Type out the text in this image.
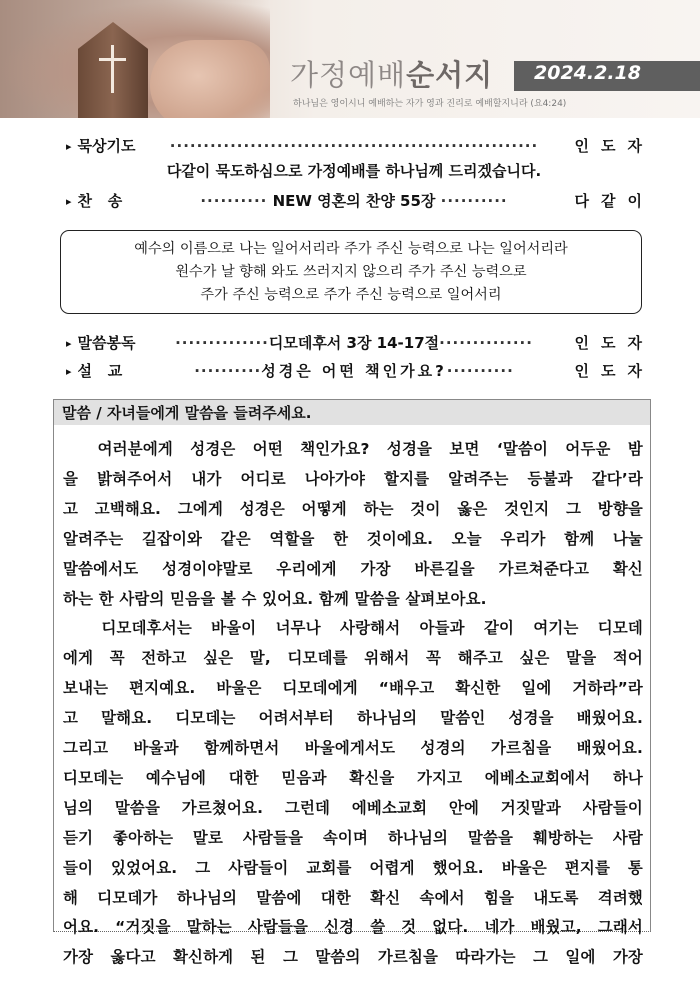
가정예배순서지 2024.2.18
하나님은 영이시니 예배하는 자가 영과 진리로 예배할지니라 (요4:24)
▸ 묵상기도	·······················································	인도자
다같이 묵도하심으로 가정예배를 하나님께 드리겠습니다.
▸ 찬   송	·········· NEW 영혼의 찬양 55장 ··········	다같이
예수의 이름으로 나는 일어서리라 주가 주신 능력으로 나는 일어서리라
원수가 날 향해 와도 쓰러지지 않으리 주가 주신 능력으로
주가 주신 능력으로 주가 주신 능력으로 일어서리
▸ 말씀봉독	··············디모데후서 3장 14-17절··············	인도자
▸ 설   교	··········성경은 어떤 책인가요?··········	인도자
말씀 / 자녀들에게 말씀을 들려주세요.
여러분에게 성경은 어떤 책인가요? 성경을 보면 ‘말씀이 어두운 밤
을 밝혀주어서 내가 어디로 나아가야 할지를 알려주는 등불과 같다’라
고 고백해요. 그에게 성경은 어떻게 하는 것이 옳은 것인지 그 방향을
알려주는 길잡이와 같은 역할을 한 것이에요. 오늘 우리가 함께 나눌
말씀에서도 성경이야말로 우리에게 가장 바른길을 가르쳐준다고 확신
하는 한 사람의 믿음을 볼 수 있어요. 함께 말씀을 살펴보아요.
디모데후서는 바울이 너무나 사랑해서 아들과 같이 여기는 디모데
에게 꼭 전하고 싶은 말, 디모데를 위해서 꼭 해주고 싶은 말을 적어
보내는 편지예요. 바울은 디모데에게 “배우고 확신한 일에 거하라”라
고 말해요. 디모데는 어려서부터 하나님의 말씀인 성경을 배웠어요.
그리고 바울과 함께하면서 바울에게서도 성경의 가르침을 배웠어요.
디모데는 예수님에 대한 믿음과 확신을 가지고 에베소교회에서 하나
님의 말씀을 가르쳤어요. 그런데 에베소교회 안에 거짓말과 사람들이
듣기 좋아하는 말로 사람들을 속이며 하나님의 말씀을 훼방하는 사람
들이 있었어요. 그 사람들이 교회를 어렵게 했어요. 바울은 편지를 통
해 디모데가 하나님의 말씀에 대한 확신 속에서 힘을 내도록 격려했
어요. “거짓을 말하는 사람들을 신경 쓸 것 없다. 네가 배웠고, 그래서
가장 옳다고 확신하게 된 그 말씀의 가르침을 따라가는 그 일에 가장
